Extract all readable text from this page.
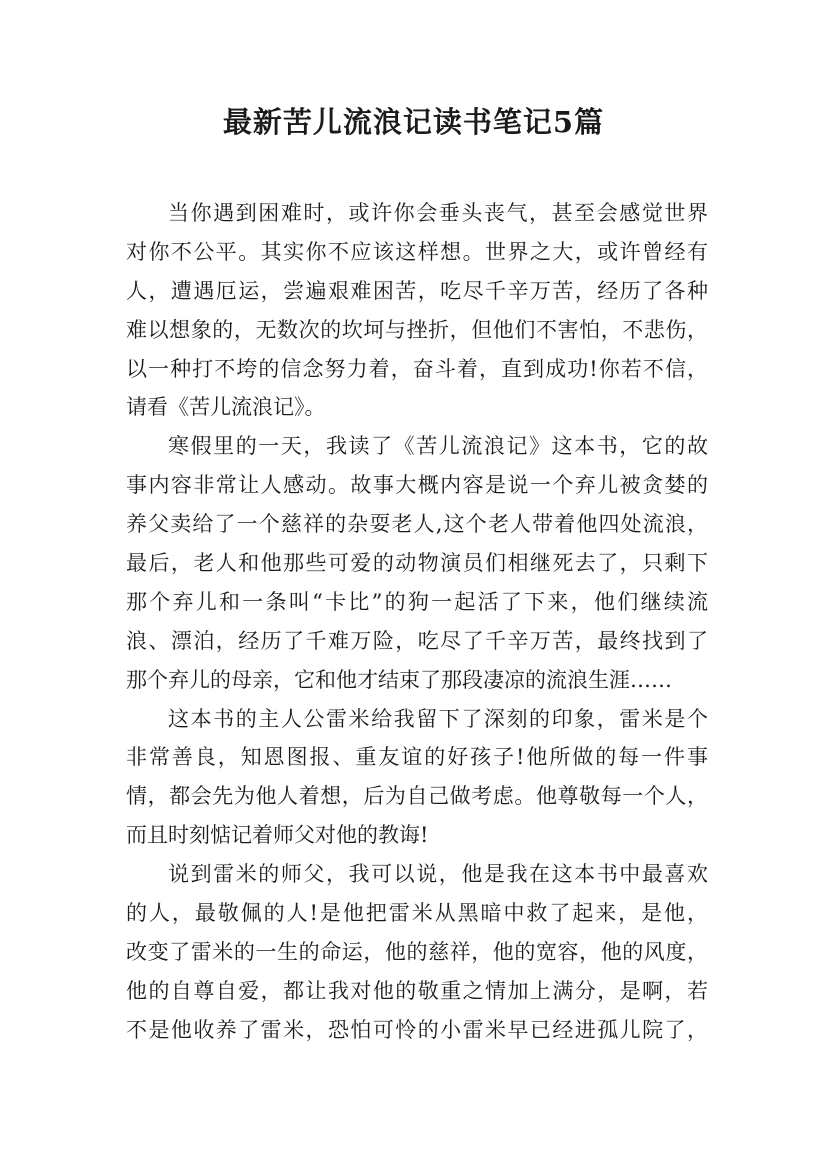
最新苦儿流浪记读书笔记5篇
当你遇到困难时，或许你会垂头丧气，甚至会感觉世界
对你不公平。其实你不应该这样想。世界之大，或许曾经有
人，遭遇厄运，尝遍艰难困苦，吃尽千辛万苦，经历了各种
难以想象的，无数次的坎坷与挫折，但他们不害怕，不悲伤，
以一种打不垮的信念努力着，奋斗着，直到成功!你若不信，
请看《苦儿流浪记》。
寒假里的一天，我读了《苦儿流浪记》这本书，它的故
事内容非常让人感动。故事大概内容是说一个弃儿被贪婪的
养父卖给了一个慈祥的杂耍老人,这个老人带着他四处流浪，
最后，老人和他那些可爱的动物演员们相继死去了，只剩下
那个弃儿和一条叫“卡比”的狗一起活了下来，他们继续流
浪、漂泊，经历了千难万险，吃尽了千辛万苦，最终找到了
那个弃儿的母亲，它和他才结束了那段凄凉的流浪生涯……
这本书的主人公雷米给我留下了深刻的印象，雷米是个
非常善良，知恩图报、重友谊的好孩子!他所做的每一件事
情，都会先为他人着想，后为自己做考虑。他尊敬每一个人，
而且时刻惦记着师父对他的教诲!
说到雷米的师父，我可以说，他是我在这本书中最喜欢
的人，最敬佩的人!是他把雷米从黑暗中救了起来，是他，
改变了雷米的一生的命运，他的慈祥，他的宽容，他的风度，
他的自尊自爱，都让我对他的敬重之情加上满分，是啊，若
不是他收养了雷米，恐怕可怜的小雷米早已经进孤儿院了，
